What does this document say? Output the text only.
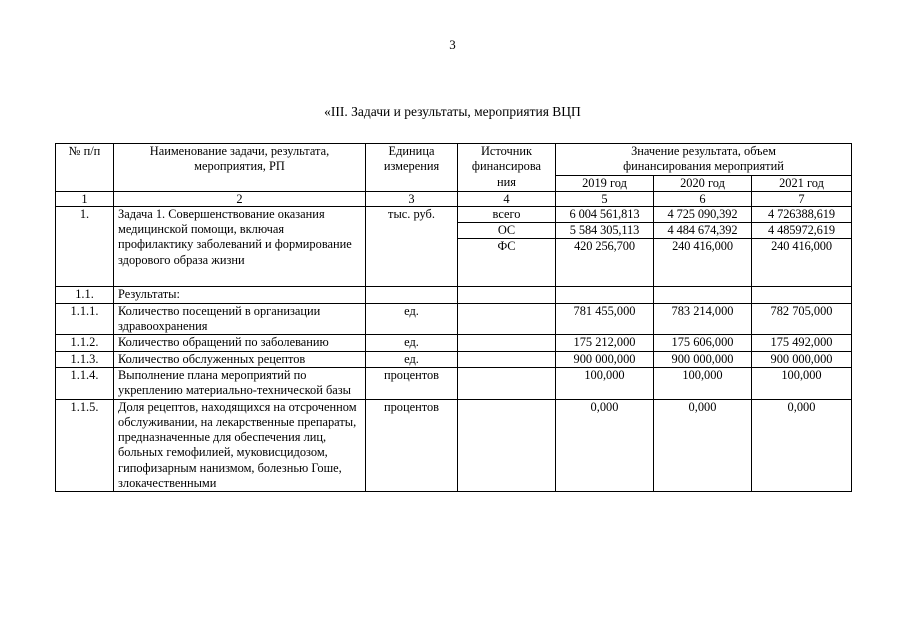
3
«III. Задачи и результаты, мероприятия ВЦП
№ п/п	Наименование задачи, результата, мероприятия, РП	Единица измерения	Источник финансирова ния	Значение результата, объем финансирования мероприятий		
				2019 год	2020 год	2021 год
1	2	3	4	5	6	7
1.	Задача 1. Совершенствование оказания медицинской помощи, включая профилактику заболеваний и формирование здорового образа жизни	тыс. руб.	всего	6 004 561,813	4 725 090,392	4 726388,619
			ОС	5 584 305,113	4 484 674,392	4 485972,619
			ФС	420 256,700	240 416,000	240 416,000
1.1.	Результаты:					
1.1.1.	Количество посещений в организации здравоохранения	ед.		781 455,000	783 214,000	782 705,000
1.1.2.	Количество обращений по заболеванию	ед.		175 212,000	175 606,000	175 492,000
1.1.3.	Количество обслуженных рецептов	ед.		900 000,000	900 000,000	900 000,000
1.1.4.	Выполнение плана мероприятий по укреплению материально-технической базы	процентов		100,000	100,000	100,000
1.1.5.	Доля рецептов, находящихся на отсроченном обслуживании, на лекарственные препараты, предназначенные для обеспечения лиц, больных гемофилией, муковисцидозом, гипофизарным нанизмом, болезнью Гоше, злокачественными	процентов		0,000	0,000	0,000
